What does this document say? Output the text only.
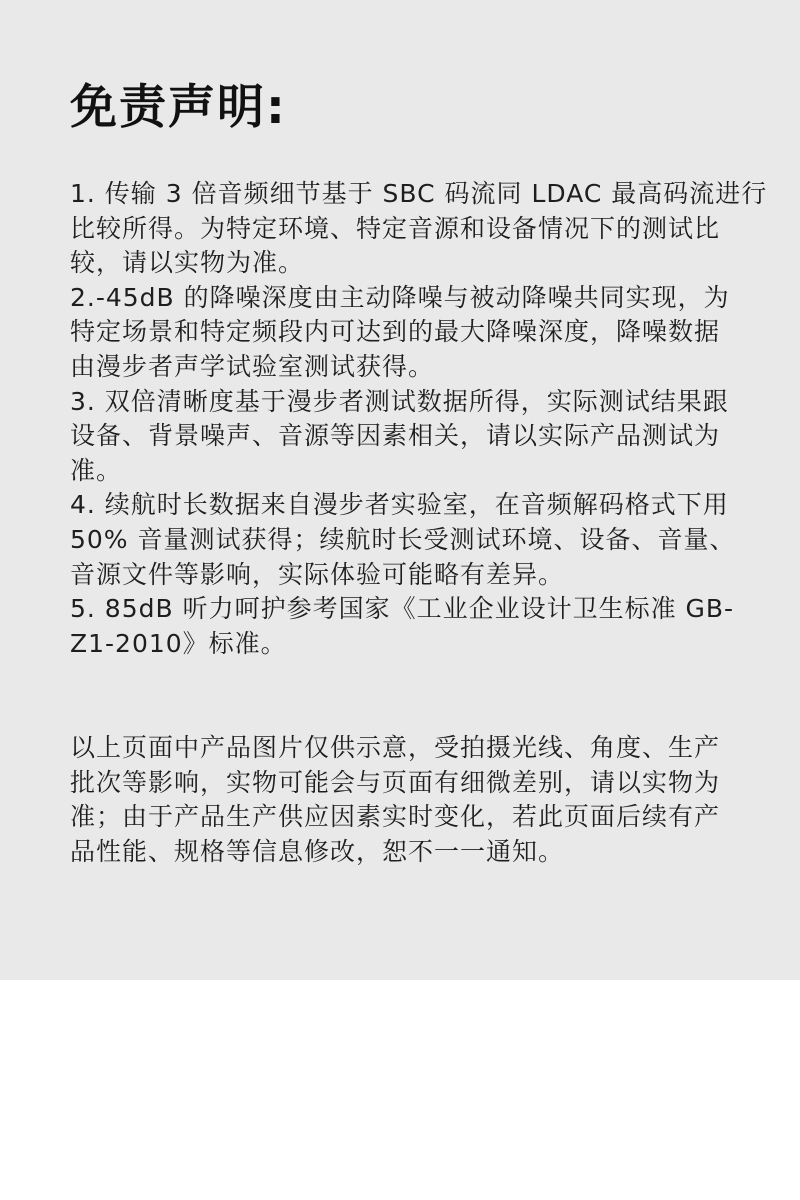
免责声明:
1. 传输 3 倍音频细节基于 SBC 码流同 LDAC 最高码流进行
比较所得。为特定环境、特定音源和设备情况下的测试比
较，请以实物为准。
2.-45dB 的降噪深度由主动降噪与被动降噪共同实现，为
特定场景和特定频段内可达到的最大降噪深度，降噪数据
由漫步者声学试验室测试获得。
3. 双倍清晰度基于漫步者测试数据所得，实际测试结果跟
设备、背景噪声、音源等因素相关，请以实际产品测试为
准。
4. 续航时长数据来自漫步者实验室，在音频解码格式下用
50% 音量测试获得；续航时长受测试环境、设备、音量、
音源文件等影响，实际体验可能略有差异。
5. 85dB 听力呵护参考国家《工业企业设计卫生标准 GB-
Z1-2010》标准。
以上页面中产品图片仅供示意，受拍摄光线、角度、生产
批次等影响，实物可能会与页面有细微差别，请以实物为
准；由于产品生产供应因素实时变化，若此页面后续有产
品性能、规格等信息修改，恕不一一通知。
